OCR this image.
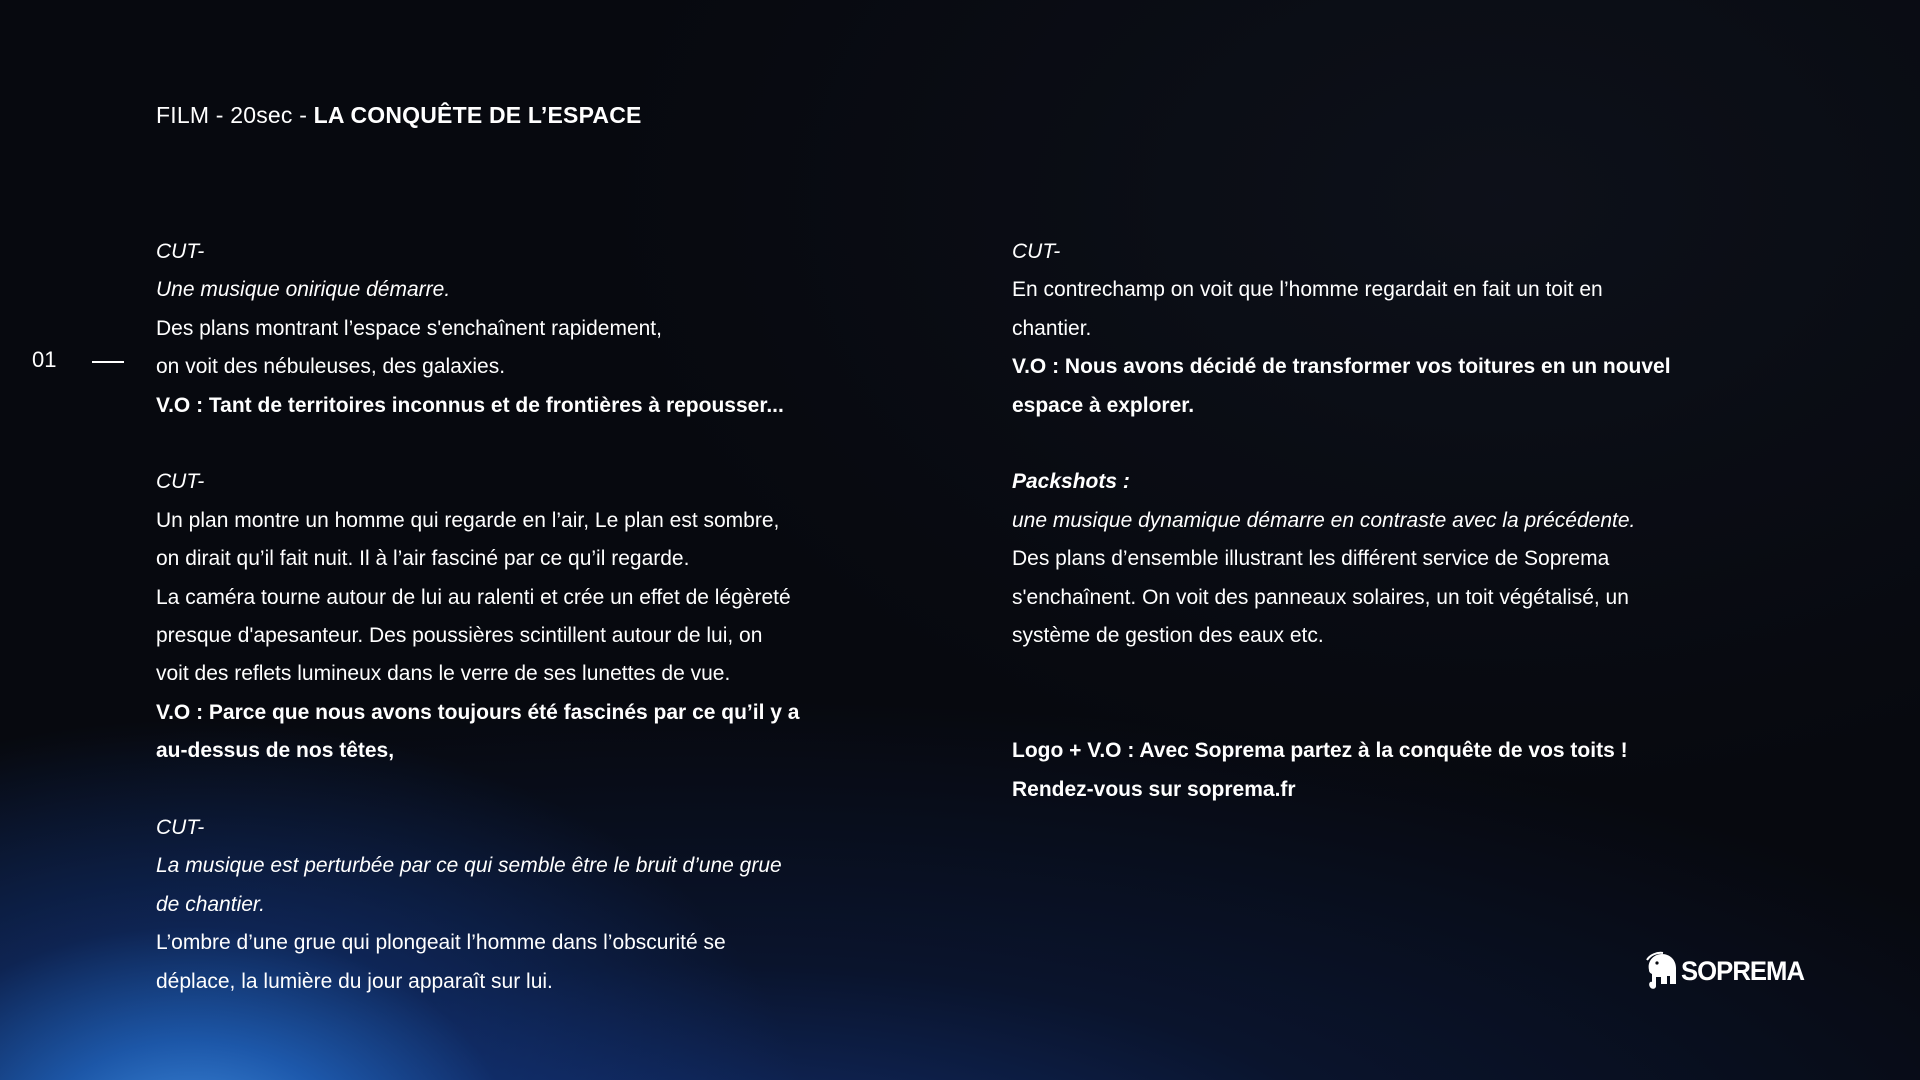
FILM - 20sec - LA CONQUÊTE DE L’ESPACE
01
CUT-
Une musique onirique démarre.
Des plans montrant l’espace s'enchaînent rapidement,
on voit des nébuleuses, des galaxies.
V.O : Tant de territoires inconnus et de frontières à repousser...
CUT-
Un plan montre un homme qui regarde en l’air, Le plan est sombre,
on dirait qu’il fait nuit. Il à l’air fasciné par ce qu’il regarde.
La caméra tourne autour de lui au ralenti et crée un effet de légèreté
presque d'apesanteur. Des poussières scintillent autour de lui, on
voit des reflets lumineux dans le verre de ses lunettes de vue.
V.O : Parce que nous avons toujours été fascinés par ce qu’il y a
au-dessus de nos têtes,
CUT-
La musique est perturbée par ce qui semble être le bruit d’une grue
de chantier.
L’ombre d’une grue qui plongeait l’homme dans l’obscurité se
déplace, la lumière du jour apparaît sur lui.
CUT-
En contrechamp on voit que l’homme regardait en fait un toit en
chantier.
V.O : Nous avons décidé de transformer vos toitures en un nouvel
espace à explorer.
Packshots :
une musique dynamique démarre en contraste avec la précédente.
Des plans d’ensemble illustrant les différent service de Soprema
s'enchaînent. On voit des panneaux solaires, un toit végétalisé, un
système de gestion des eaux etc.
Logo + V.O : Avec Soprema partez à la conquête de vos toits !
Rendez-vous sur soprema.fr
SOPREMA
